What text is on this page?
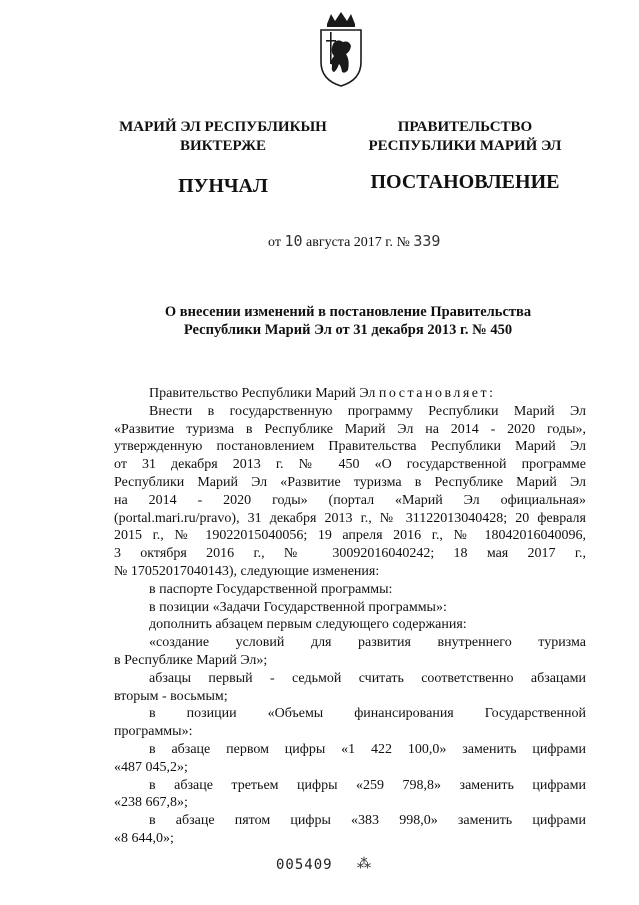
МАРИЙ ЭЛ РЕСПУБЛИКЫН
ВИКТЕРЖЕ
ПУНЧАЛ
ПРАВИТЕЛЬСТВО
РЕСПУБЛИКИ МАРИЙ ЭЛ
ПОСТАНОВЛЕНИЕ
от 10 августа 2017 г. № 339
О внесении изменений в постановление Правительства
Республики Марий Эл от 31 декабря 2013 г. № 450

Правительство Республики Марий Эл постановляет:

Внести в государственную программу Республики Марий Эл

«Развитие туризма в Республике Марий Эл на 2014 - 2020 годы»,

утвержденную постановлением Правительства Республики Марий Эл

от 31 декабря 2013 г. № 450 «О государственной программе

Республики Марий Эл «Развитие туризма в Республике Марий Эл

на 2014 - 2020 годы» (портал «Марий Эл официальная»

(portal.mari.ru/pravo), 31 декабря 2013 г., № 31122013040428; 20 февраля

2015 г., № 19022015040056; 19 апреля 2016 г., № 18042016040096,

3 октября 2016 г., № 30092016040242; 18 мая 2017 г.,

№ 17052017040143), следующие изменения:

в паспорте Государственной программы:

в позиции «Задачи Государственной программы»:

дополнить абзацем первым следующего содержания:

«создание условий для развития внутреннего туризма

в Республике Марий Эл»;

абзацы первый - седьмой считать соответственно абзацами

вторым - восьмым;

в позиции «Объемы финансирования Государственной

программы»:

в абзаце первом цифры «1 422 100,0» заменить цифрами

«487 045,2»;

в абзаце третьем цифры «259 798,8» заменить цифрами

«238 667,8»;

в абзаце пятом цифры «383 998,0» заменить цифрами

«8 644,0»;

005409 ⁂
